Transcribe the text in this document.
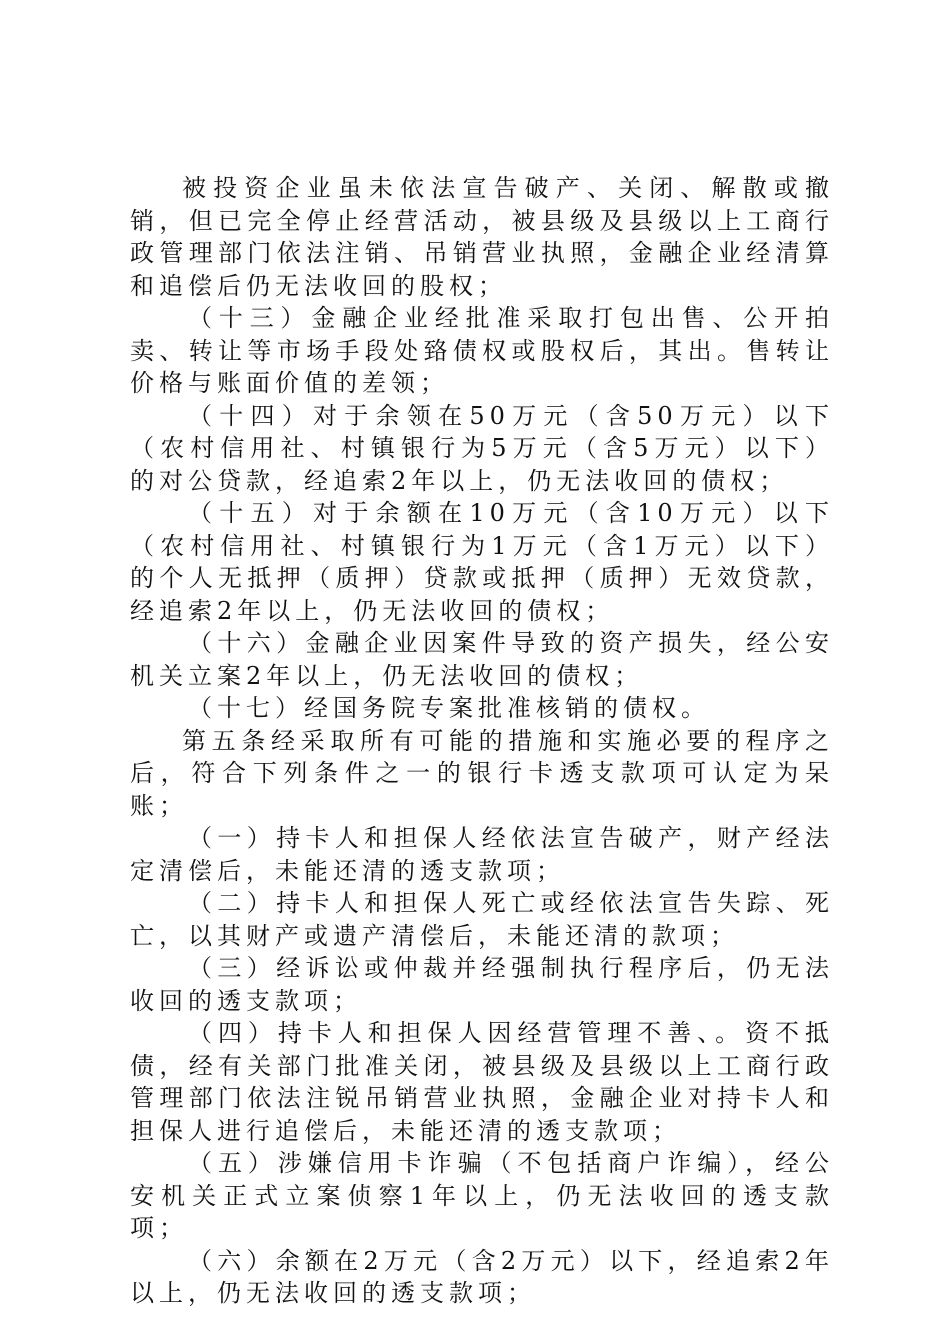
被投资企业虽未依法宣告破产、关闭、解散或撤销，但已完全停止经营活动，被县级及县级以上工商行政管理部门依法注销、吊销营业执照，金融企业经清算和追偿后仍无法收回的股权；

（十三）金融企业经批准采取打包出售、公开拍卖、转让等市场手段处臵债权或股权后，其出。售转让价格与账面价值的差领；

（十四）对于余领在50万元（含50万元）以下（农村信用社、村镇银行为5万元（含5万元）以下）的对公贷款，经追索2年以上，仍无法收回的债权；

（十五）对于余额在10万元（含10万元）以下（农村信用社、村镇银行为1万元（含1万元）以下）的个人无抵押（质押）贷款或抵押（质押）无效贷款，经追索2年以上，仍无法收回的债权；

（十六）金融企业因案件导致的资产损失，经公安机关立案2年以上，仍无法收回的债权；

（十七）经国务院专案批准核销的债权。

第五条经采取所有可能的措施和实施必要的程序之后，符合下列条件之一的银行卡透支款项可认定为呆账；

（一）持卡人和担保人经依法宣告破产，财产经法定清偿后，未能还清的透支款项；

（二）持卡人和担保人死亡或经依法宣告失踪、死亡，以其财产或遗产清偿后，未能还清的款项；

（三）经诉讼或仲裁并经强制执行程序后，仍无法收回的透支款项；

（四）持卡人和担保人因经营管理不善、。资不抵债，经有关部门批准关闭，被县级及县级以上工商行政管理部门依法注锐吊销营业执照，金融企业对持卡人和担保人进行追偿后，未能还清的透支款项；

（五）涉嫌信用卡诈骗（不包括商户诈编），经公安机关正式立案侦察1年以上，仍无法收回的透支款项；

（六）余额在2万元（含2万元）以下，经追索2年以上，仍无法收回的透支款项；
